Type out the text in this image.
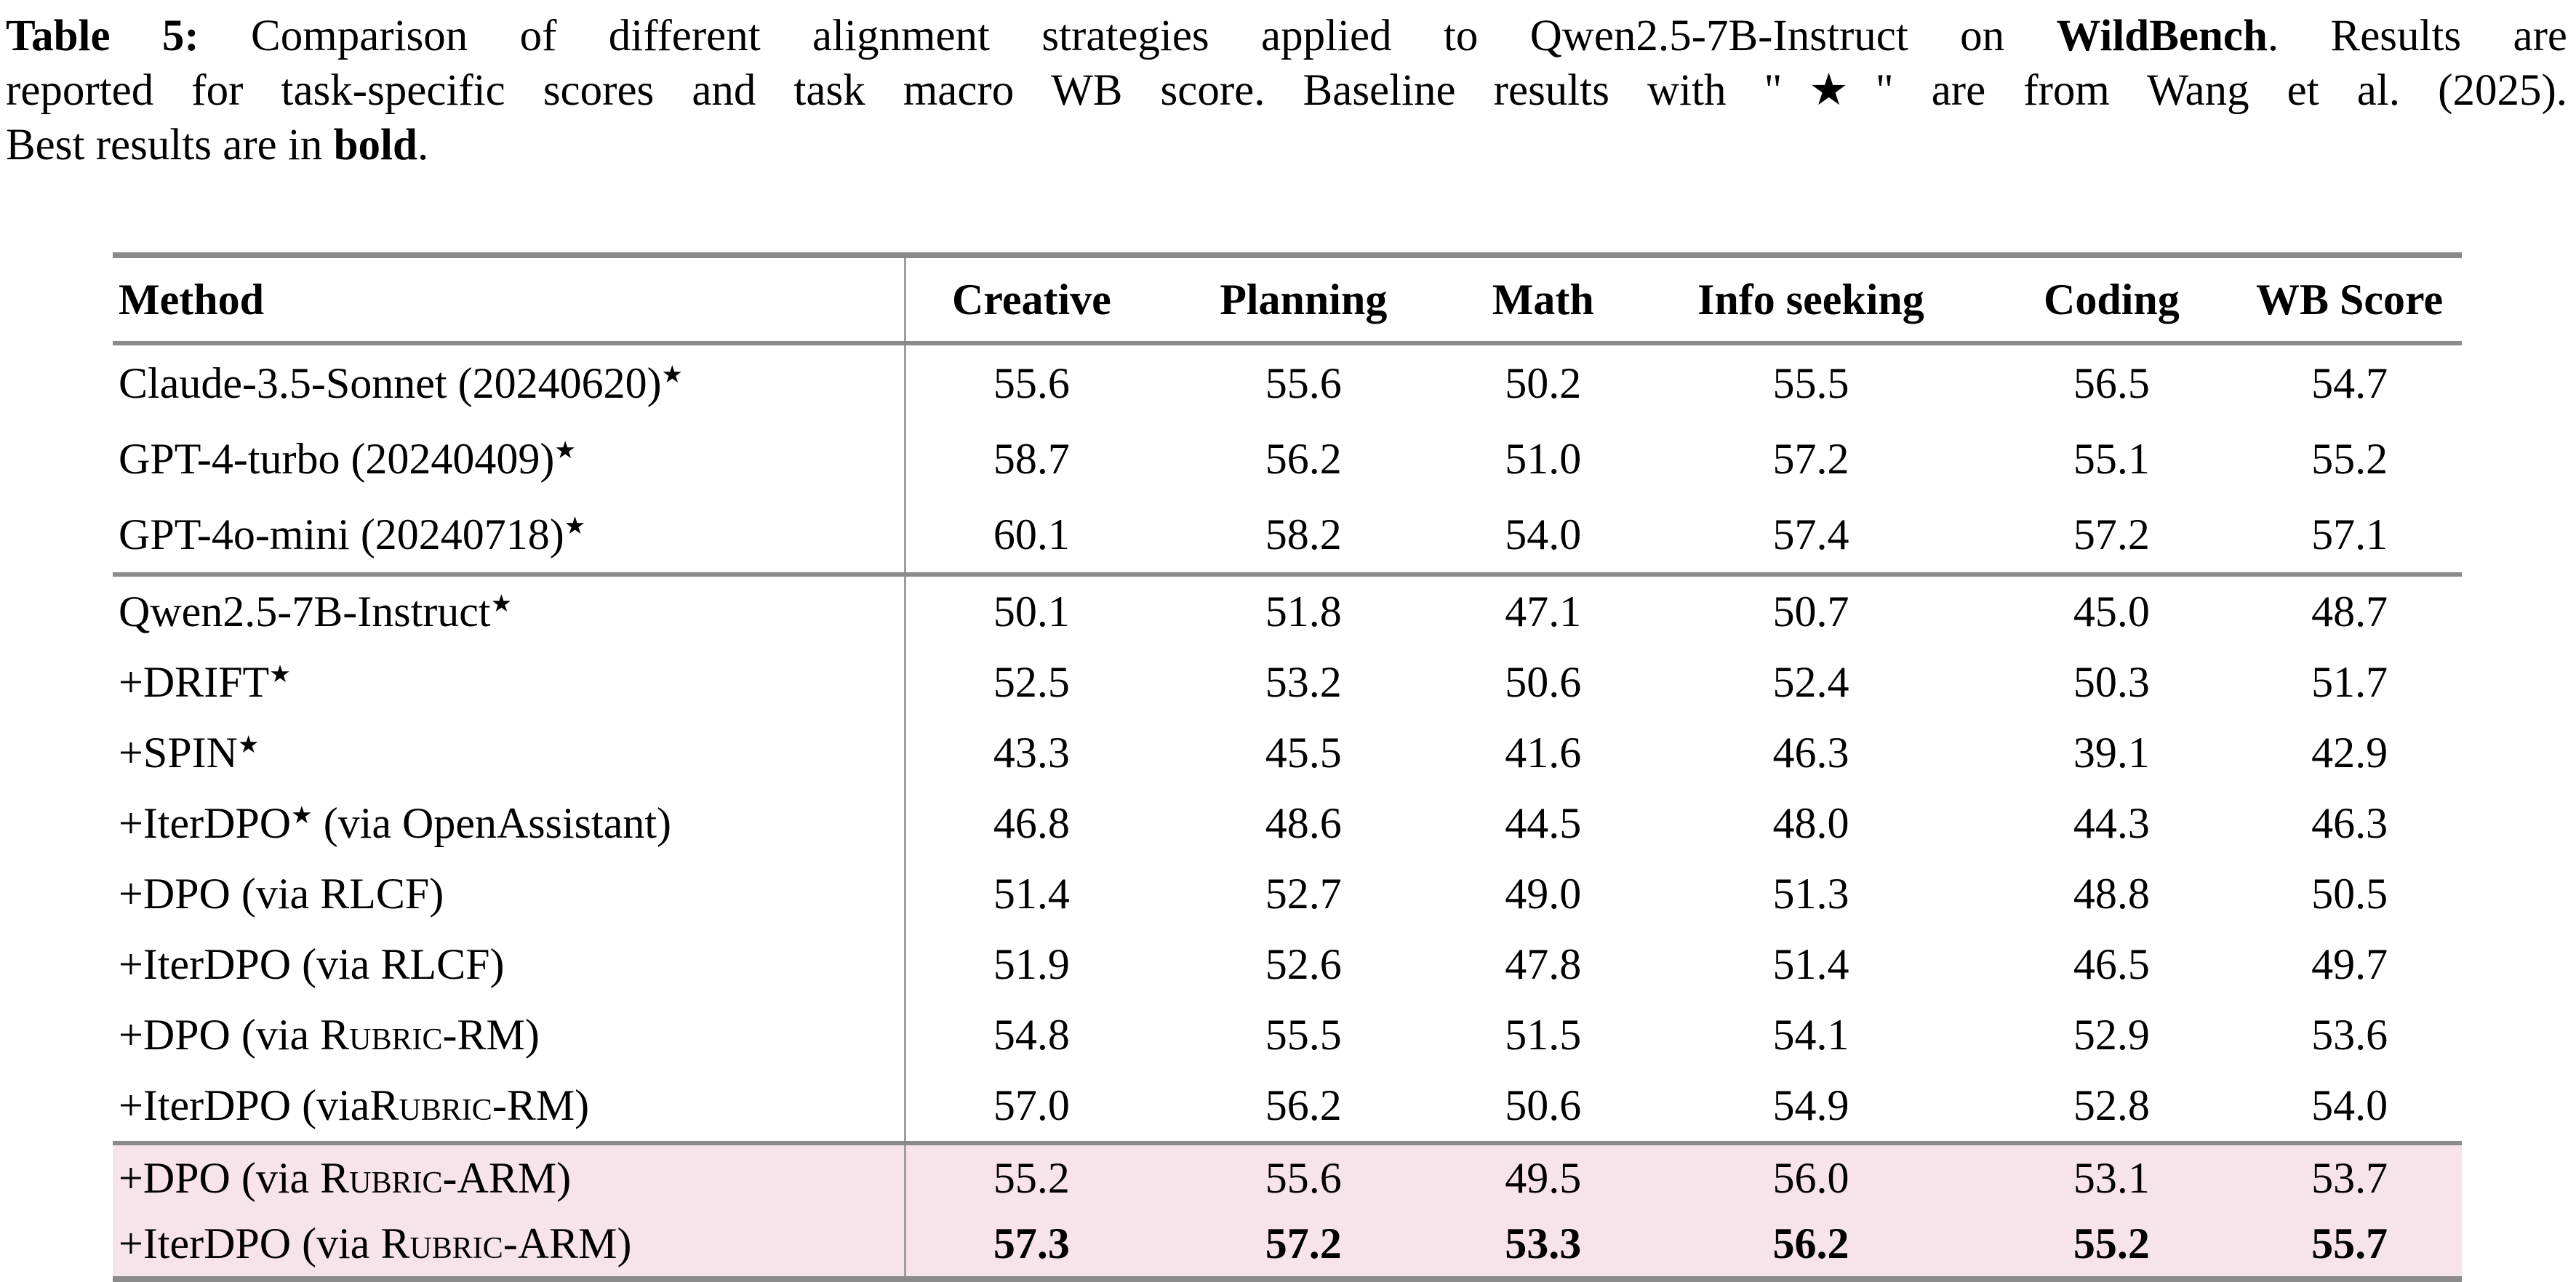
Table 5: Comparison of different alignment strategies applied to Qwen2.5-7B-Instruct on WildBench. Results are
reported for task-specific scores and task macro WB score. Baseline results with "★" are from Wang et al. (2025).
Best results are in bold.
Method	Creative	Planning	Math	Info seeking	Coding	WB Score
Claude-3.5-Sonnet (20240620)★	55.6	55.6	50.2	55.5	56.5	54.7
GPT-4-turbo (20240409)★	58.7	56.2	51.0	57.2	55.1	55.2
GPT-4o-mini (20240718)★	60.1	58.2	54.0	57.4	57.2	57.1
Qwen2.5-7B-Instruct★	50.1	51.8	47.1	50.7	45.0	48.7
+DRIFT★	52.5	53.2	50.6	52.4	50.3	51.7
+SPIN★	43.3	45.5	41.6	46.3	39.1	42.9
+IterDPO★ (via OpenAssistant)	46.8	48.6	44.5	48.0	44.3	46.3
+DPO (via RLCF)	51.4	52.7	49.0	51.3	48.8	50.5
+IterDPO (via RLCF)	51.9	52.6	47.8	51.4	46.5	49.7
+DPO (via Rubric-RM)	54.8	55.5	51.5	54.1	52.9	53.6
+IterDPO (viaRubric-RM)	57.0	56.2	50.6	54.9	52.8	54.0
+DPO (via Rubric-ARM)	55.2	55.6	49.5	56.0	53.1	53.7
+IterDPO (via Rubric-ARM)	57.3	57.2	53.3	56.2	55.2	55.7
